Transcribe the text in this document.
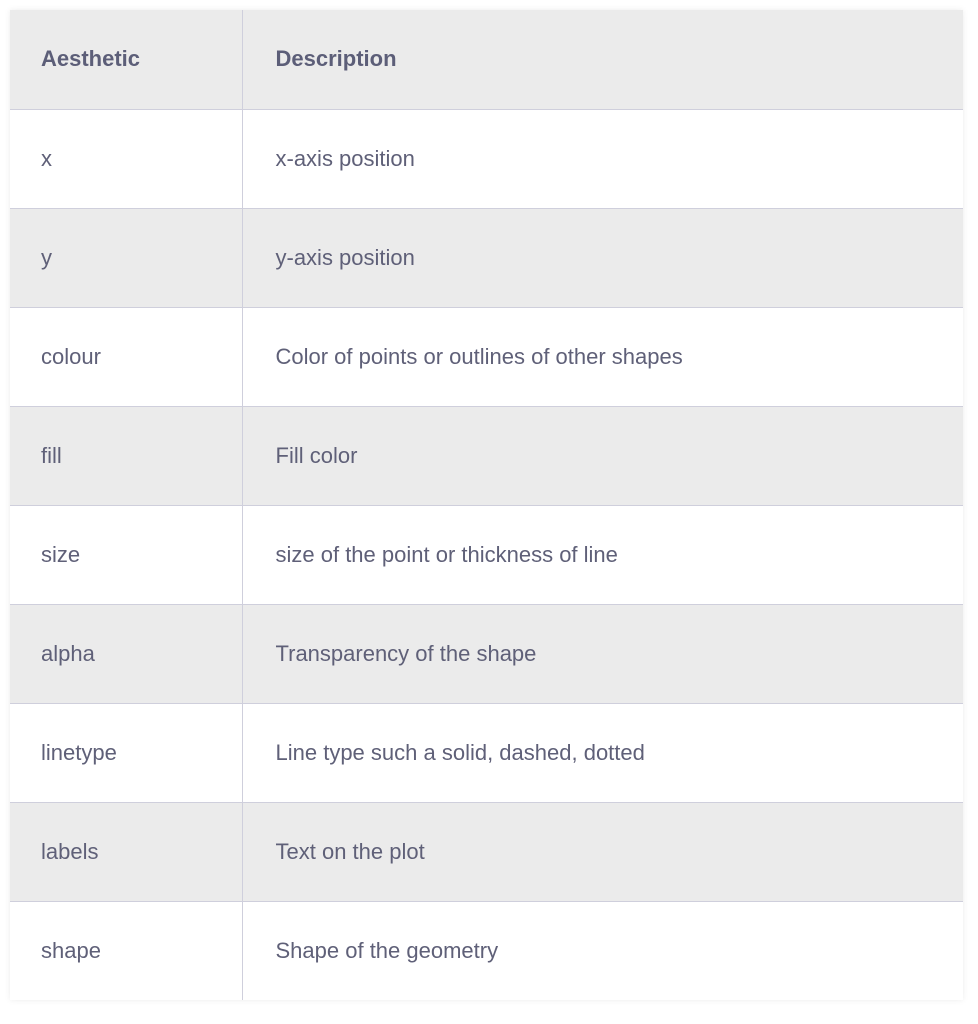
Aesthetic	Description
x	x-axis position
y	y-axis position
colour	Color of points or outlines of other shapes
fill	Fill color
size	size of the point or thickness of line
alpha	Transparency of the shape
linetype	Line type such a solid, dashed, dotted
labels	Text on the plot
shape	Shape of the geometry
